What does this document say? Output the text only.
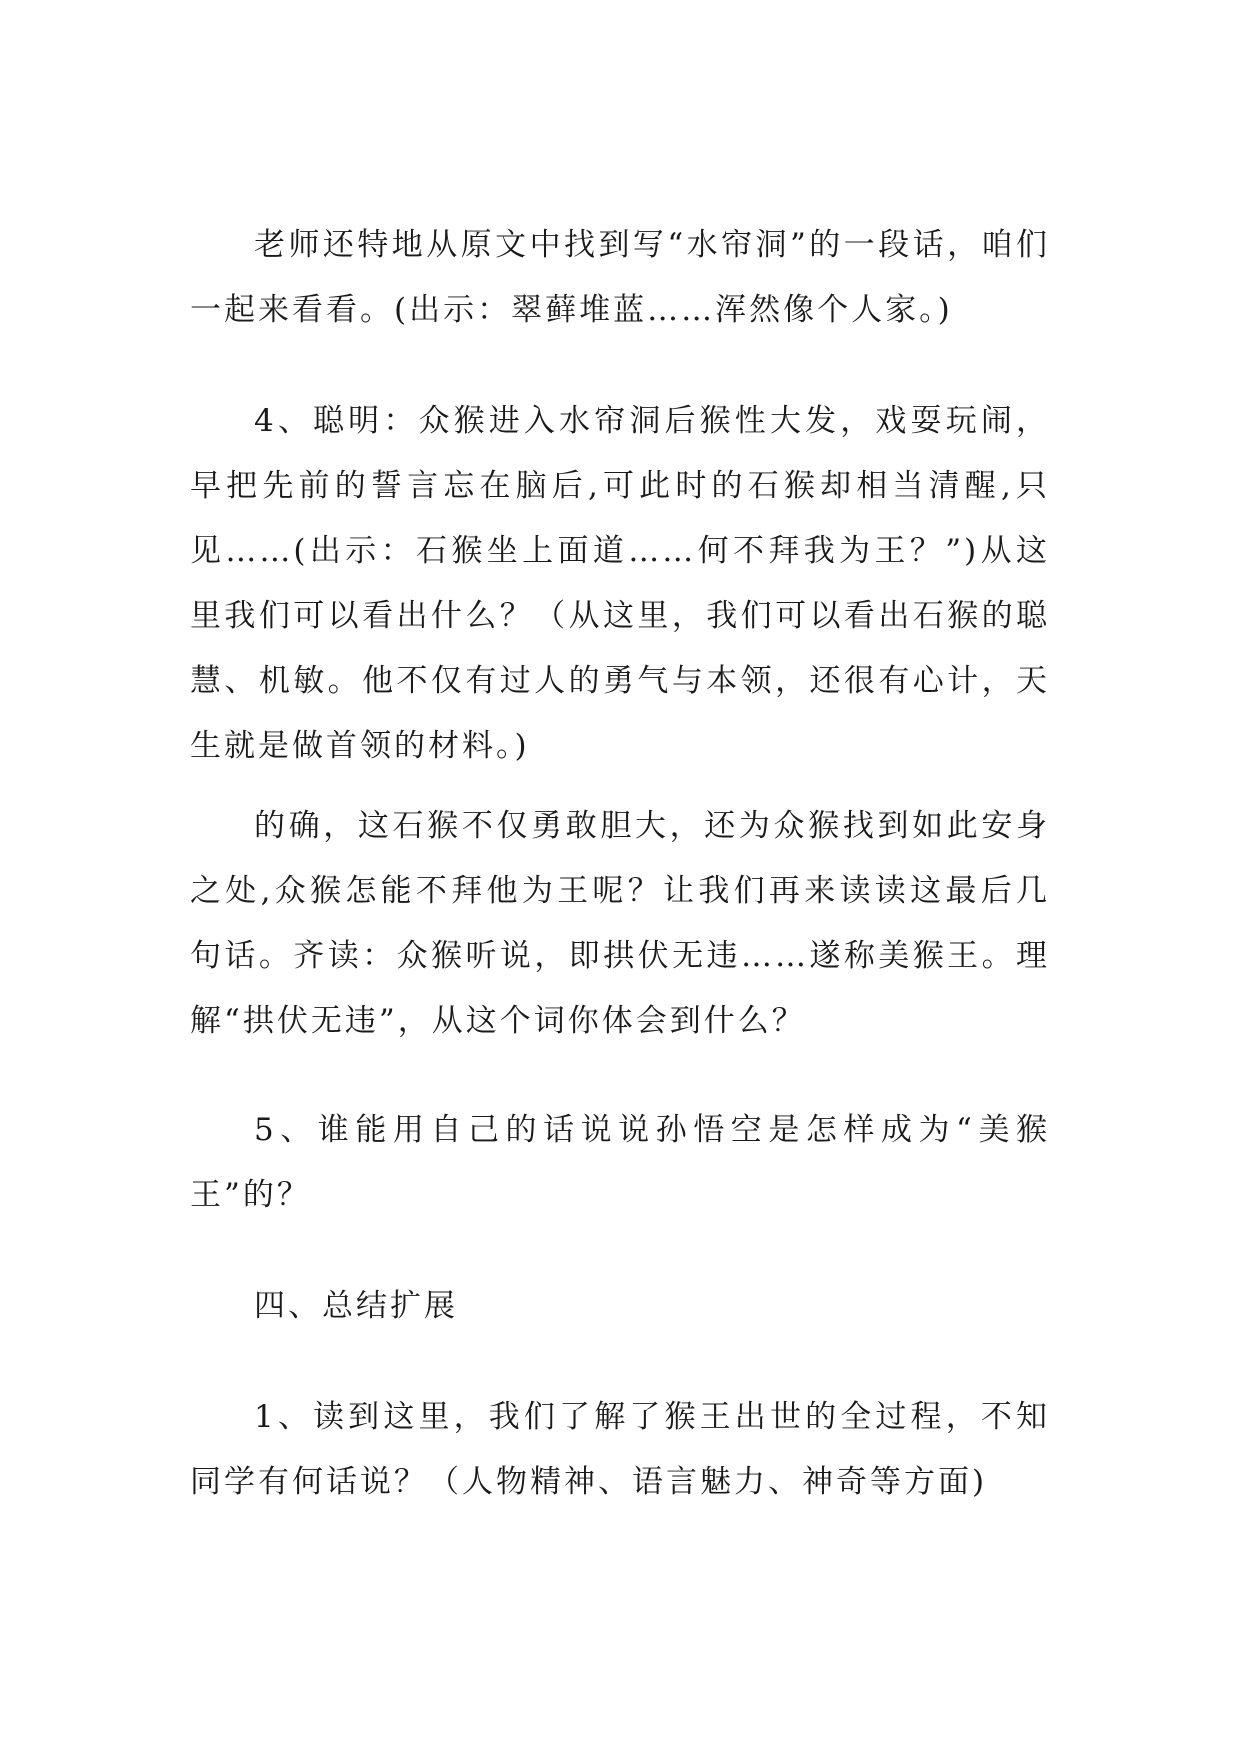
老师还特地从原文中找到写“水帘洞”的一段话，咱们一起来看看。(出示：翠藓堆蓝……浑然像个人家。)

4、聪明：众猴进入水帘洞后猴性大发，戏耍玩闹，早把先前的誓言忘在脑后,可此时的石猴却相当清醒,只见……(出示：石猴坐上面道……何不拜我为王？”)从这里我们可以看出什么？（从这里，我们可以看出石猴的聪慧、机敏。他不仅有过人的勇气与本领，还很有心计，天生就是做首领的材料。)

的确，这石猴不仅勇敢胆大，还为众猴找到如此安身之处,众猴怎能不拜他为王呢？让我们再来读读这最后几句话。齐读：众猴听说，即拱伏无违……遂称美猴王。理解“拱伏无违”，从这个词你体会到什么？

5、谁能用自己的话说说孙悟空是怎样成为“美猴王”的？

四、总结扩展

1、读到这里，我们了解了猴王出世的全过程，不知同学有何话说？（人物精神、语言魅力、神奇等方面)
